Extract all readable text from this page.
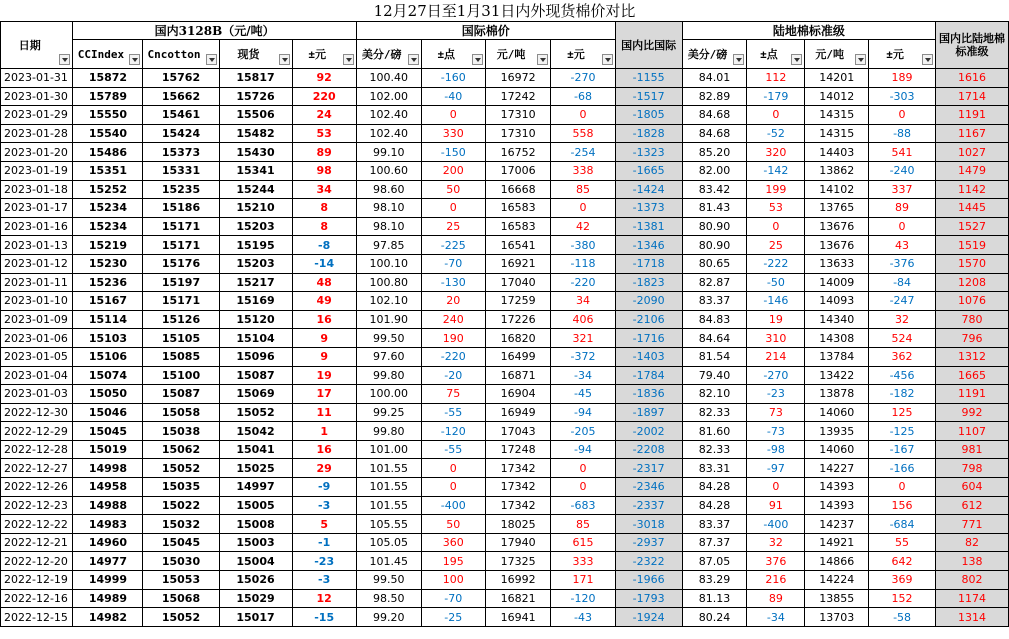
12月27日至1月31日内外现货棉价对比														
日期	国内3128B（元/吨）				国际棉价				国内比国际	陆地棉标准级				国内比陆地棉标准级
	CCIndex	Cncotton	现货	±元	美分/磅	±点	元/吨	±元		美分/磅	±点	元/吨	±元	

2023-01-31	15872	15762	15817	92	100.40	-160	16972	-270	-1155	84.01	112	14201	189	1616
2023-01-30	15789	15662	15726	220	102.00	-40	17242	-68	-1517	82.89	-179	14012	-303	1714
2023-01-29	15550	15461	15506	24	102.40	0	17310	0	-1805	84.68	0	14315	0	1191
2023-01-28	15540	15424	15482	53	102.40	330	17310	558	-1828	84.68	-52	14315	-88	1167
2023-01-20	15486	15373	15430	89	99.10	-150	16752	-254	-1323	85.20	320	14403	541	1027
2023-01-19	15351	15331	15341	98	100.60	200	17006	338	-1665	82.00	-142	13862	-240	1479
2023-01-18	15252	15235	15244	34	98.60	50	16668	85	-1424	83.42	199	14102	337	1142
2023-01-17	15234	15186	15210	8	98.10	0	16583	0	-1373	81.43	53	13765	89	1445
2023-01-16	15234	15171	15203	8	98.10	25	16583	42	-1381	80.90	0	13676	0	1527
2023-01-13	15219	15171	15195	-8	97.85	-225	16541	-380	-1346	80.90	25	13676	43	1519
2023-01-12	15230	15176	15203	-14	100.10	-70	16921	-118	-1718	80.65	-222	13633	-376	1570
2023-01-11	15236	15197	15217	48	100.80	-130	17040	-220	-1823	82.87	-50	14009	-84	1208
2023-01-10	15167	15171	15169	49	102.10	20	17259	34	-2090	83.37	-146	14093	-247	1076
2023-01-09	15114	15126	15120	16	101.90	240	17226	406	-2106	84.83	19	14340	32	780
2023-01-06	15103	15105	15104	9	99.50	190	16820	321	-1716	84.64	310	14308	524	796
2023-01-05	15106	15085	15096	9	97.60	-220	16499	-372	-1403	81.54	214	13784	362	1312
2023-01-04	15074	15100	15087	19	99.80	-20	16871	-34	-1784	79.40	-270	13422	-456	1665
2023-01-03	15050	15087	15069	17	100.00	75	16904	-45	-1836	82.10	-23	13878	-182	1191
2022-12-30	15046	15058	15052	11	99.25	-55	16949	-94	-1897	82.33	73	14060	125	992
2022-12-29	15045	15038	15042	1	99.80	-120	17043	-205	-2002	81.60	-73	13935	-125	1107
2022-12-28	15019	15062	15041	16	101.00	-55	17248	-94	-2208	82.33	-98	14060	-167	981
2022-12-27	14998	15052	15025	29	101.55	0	17342	0	-2317	83.31	-97	14227	-166	798
2022-12-26	14958	15035	14997	-9	101.55	0	17342	0	-2346	84.28	0	14393	0	604
2022-12-23	14988	15022	15005	-3	101.55	-400	17342	-683	-2337	84.28	91	14393	156	612
2022-12-22	14983	15032	15008	5	105.55	50	18025	85	-3018	83.37	-400	14237	-684	771
2022-12-21	14960	15045	15003	-1	105.05	360	17940	615	-2937	87.37	32	14921	55	82
2022-12-20	14977	15030	15004	-23	101.45	195	17325	333	-2322	87.05	376	14866	642	138
2022-12-19	14999	15053	15026	-3	99.50	100	16992	171	-1966	83.29	216	14224	369	802
2022-12-16	14989	15068	15029	12	98.50	-70	16821	-120	-1793	81.13	89	13855	152	1174
2022-12-15	14982	15052	15017	-15	99.20	-25	16941	-43	-1924	80.24	-34	13703	-58	1314
